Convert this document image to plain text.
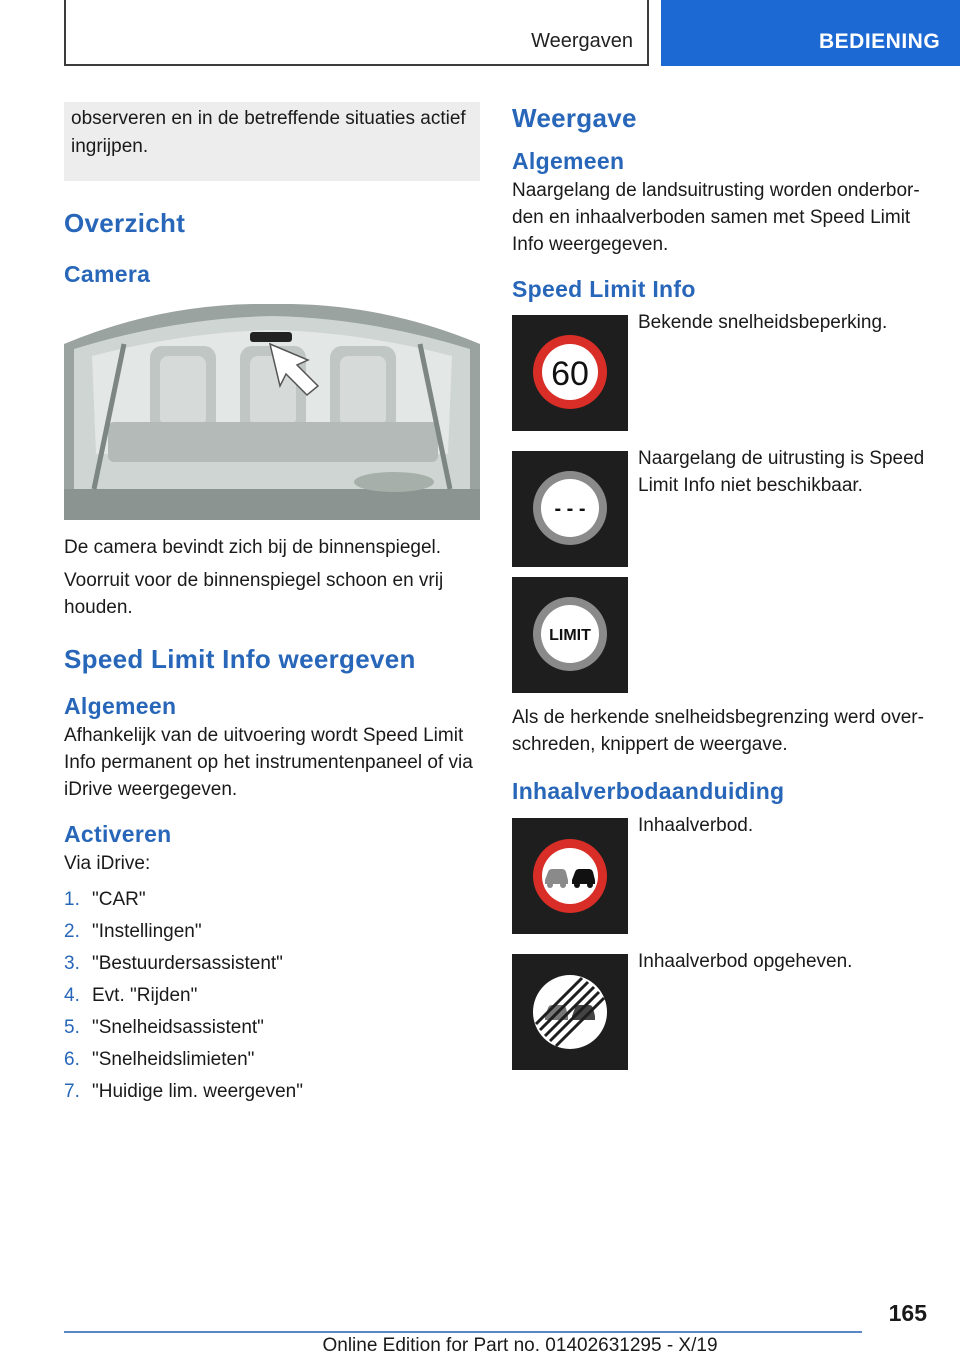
Weergaven	BEDIENING
observeren en in de betreffende situaties actief ingrijpen.
Overzicht
Camera

De camera bevindt zich bij de binnenspiegel.

Voorruit voor de binnenspiegel schoon en vrij houden.

Speed Limit Info weergeven
Algemeen

Afhankelijk van de uitvoering wordt Speed Limit Info permanent op het instrumentenpaneel of via iDrive weergegeven.

Activeren

Via iDrive:

1. "CAR"
2. "Instellingen"
3. "Bestuurdersassistent"
4. Evt. "Rijden"
5. "Snelheidsassistent"
6. "Snelheidslimieten"
7. "Huidige lim. weergeven"
Weergave
Algemeen

Naargelang de landsuitrusting worden onderbor-den en inhaalverboden samen met Speed Limit Info weergegeven.

Speed Limit Info
60
Bekende snelheidsbeperking.
- - -
Naargelang de uitrusting is Speed Limit Info niet beschikbaar.
LIMIT

Als de herkende snelheidsbegrenzing werd over-schreden, knippert de weergave.

Inhaalverbodaanduiding
Inhaalverbod.
Inhaalverbod opgeheven.
165
Online Edition for Part no. 01402631295 - X/19
